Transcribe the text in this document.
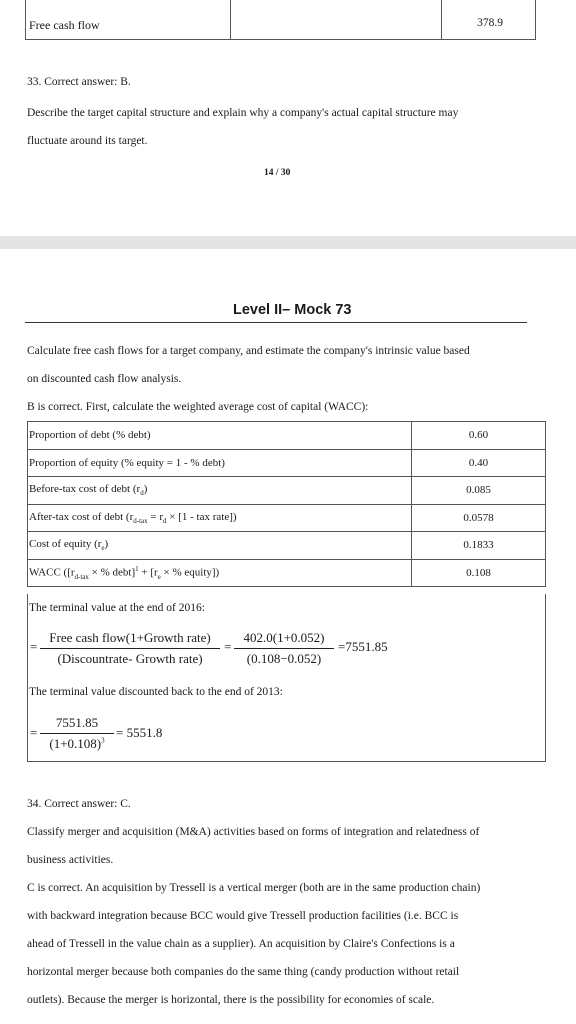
Free cash flow	378.9
33. Correct answer: B.
Describe the target capital structure and explain why a company's actual capital structure may
fluctuate around its target.
14 / 30
Level II– Mock 73
Calculate free cash flows for a target company, and estimate the company's intrinsic value based
on discounted cash flow analysis.
B is correct. First, calculate the weighted average cost of capital (WACC):
Proportion of debt (% debt)	0.60
Proportion of equity (% equity = 1 - % debt)	0.40
Before-tax cost of debt $(r_d)$	0.085
After-tax cost of debt ($r_{d-tax} = r_d \times [1$ - tax rate])	0.0578
Cost of equity $(r_e)$	0.1833
WACC ([$r_{d-tax}$ × % debt]$^1$ + [$r_e$ × % equity])	0.108
The terminal value at the end of 2016:
=
Free cash flow(1+Growth rate)
(Discountrate- Growth rate)
=
402.0(1+0.052)
(0.108−0.052)
=7551.85
The terminal value discounted back to the end of 2013:
=
7551.85
$(1+0.108)^3$
= 5551.8
34. Correct answer: C.
Classify merger and acquisition (M&A) activities based on forms of integration and relatedness of
business activities.
C is correct. An acquisition by Tressell is a vertical merger (both are in the same production chain)
with backward integration because BCC would give Tressell production facilities (i.e. BCC is
ahead of Tressell in the value chain as a supplier). An acquisition by Claire's Confections is a
horizontal merger because both companies do the same thing (candy production without retail
outlets). Because the merger is horizontal, there is the possibility for economies of scale.
